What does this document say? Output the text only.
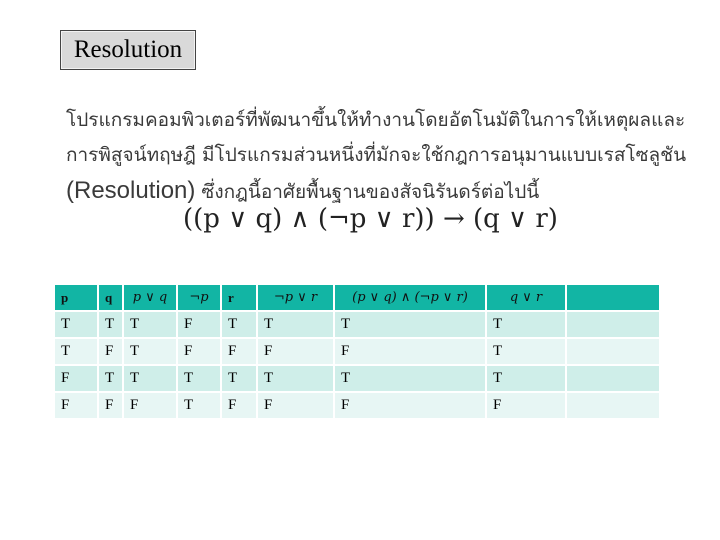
Resolution
โปรแกรมคอมพิวเตอร์ที่พัฒนาขึ้นให้ทำงานโดยอัตโนมัติในการให้เหตุผลและ
การพิสูจน์ทฤษฎี มีโปรแกรมส่วนหนึ่งที่มักจะใช้กฎการอนุมานแบบเรสโซลูชัน
(Resolution) ซึ่งกฎนี้อาศัยพื้นฐานของสัจนิรันดร์ต่อไปนี้
((p ∨ q) ∧ (¬p ∨ r)) → (q ∨ r)
p	q	p ∨ q	¬p	r	¬p ∨ r	(p ∨ q) ∧ (¬p ∨ r)	q ∨ r	
T	T	T	F	T	T	T	T	
T	F	T	F	F	F	F	T	
F	T	T	T	T	T	T	T	
F	F	F	T	F	F	F	F	
